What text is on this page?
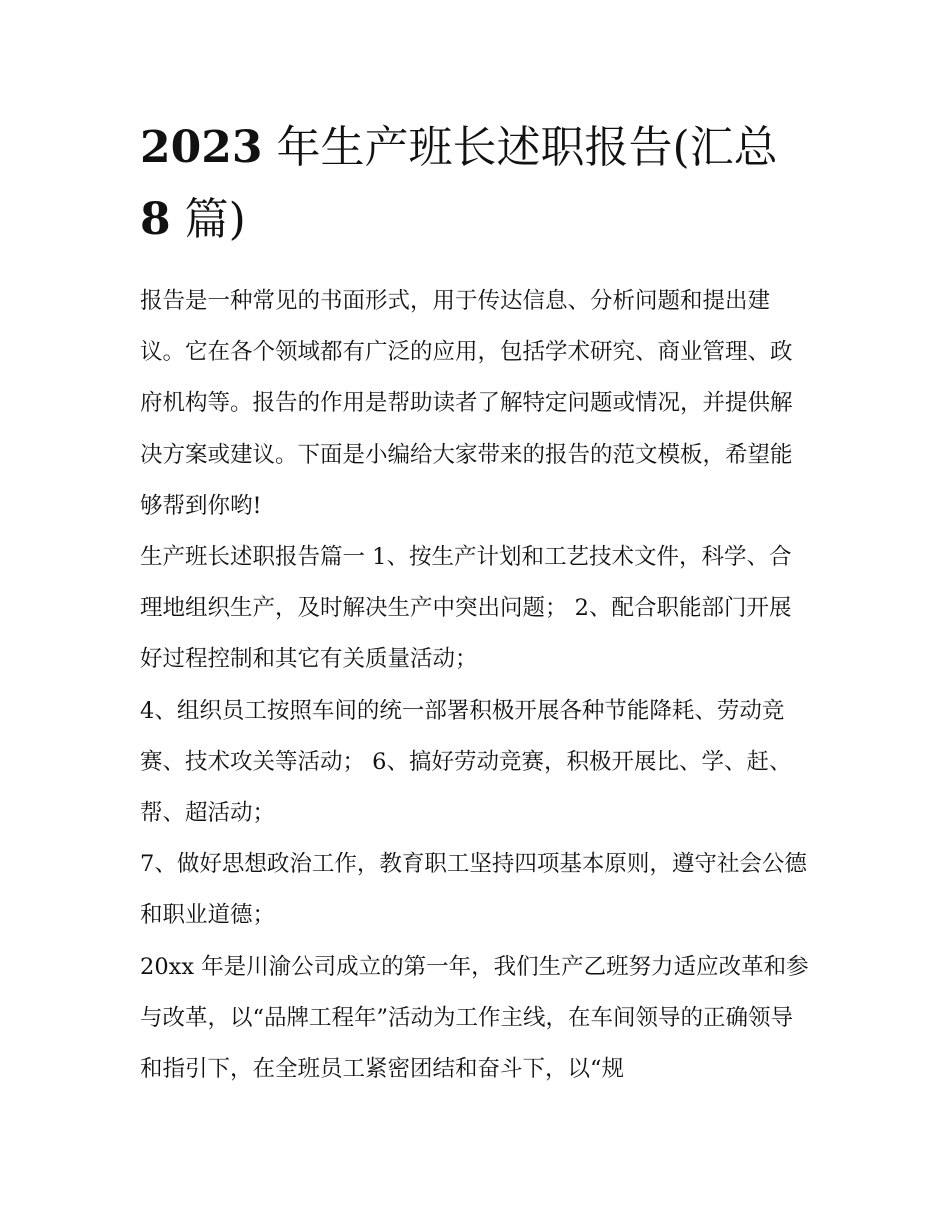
2023 年生产班长述职报告(汇总 8 篇)

报告是一种常见的书面形式，用于传达信息、分析问题和提出建议。它在各个领域都有广泛的应用，包括学术研究、商业管理、政府机构等。报告的作用是帮助读者了解特定问题或情况，并提供解决方案或建议。下面是小编给大家带来的报告的范文模板，希望能够帮到你哟!

生产班长述职报告篇一 1、按生产计划和工艺技术文件，科学、合理地组织生产，及时解决生产中突出问题； 2、配合职能部门开展好过程控制和其它有关质量活动；

4、组织员工按照车间的统一部署积极开展各种节能降耗、劳动竞赛、技术攻关等活动； 6、搞好劳动竞赛，积极开展比、学、赶、帮、超活动；

7、做好思想政治工作，教育职工坚持四项基本原则，遵守社会公德和职业道德；

20xx 年是川渝公司成立的第一年，我们生产乙班努力适应改革和参与改革，以“品牌工程年”活动为工作主线，在车间领导的正确领导和指引下，在全班员工紧密团结和奋斗下，以“规
